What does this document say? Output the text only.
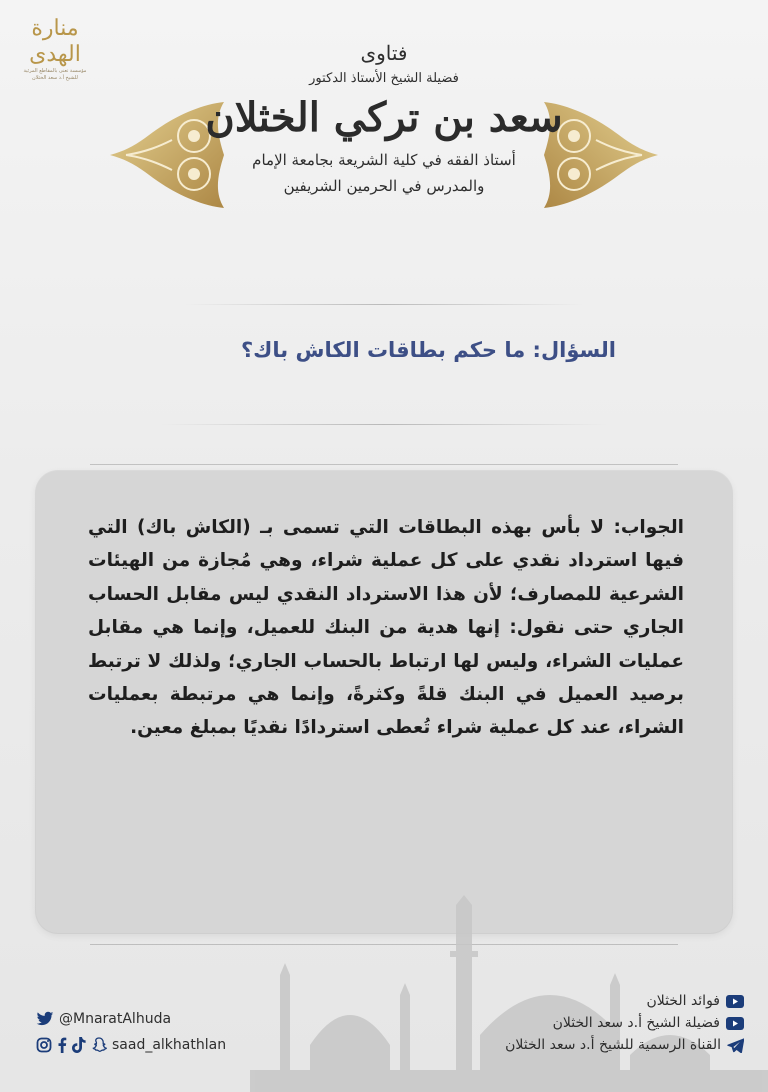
منارة الهدى
مؤسسة تعنى بالمقاطع المرئية للشيخ أ.د سعد الخثلان
فتاوى
فضيلة الشيخ الأستاذ الدكتور
سعد بن تركي الخثلان
أستاذ الفقه في كلية الشريعة بجامعة الإمام
والمدرس في الحرمين الشريفين
السؤال: ما حكم بطاقات الكاش باك؟
الجواب: لا بأس بهذه البطاقات التي تسمى بـ (الكاش باك) التي فيها استرداد نقدي على كل عملية شراء، وهي مُجازة من الهيئات الشرعية للمصارف؛ لأن هذا الاسترداد النقدي ليس مقابل الحساب الجاري حتى نقول: إنها هدية من البنك للعميل، وإنما هي مقابل عمليات الشراء، وليس لها ارتباط بالحساب الجاري؛ ولذلك لا ترتبط برصيد العميل في البنك قلةً وكثرةً، وإنما هي مرتبطة بعمليات الشراء، عند كل عملية شراء تُعطى استردادًا نقديًا بمبلغ معين.
@MnaratAlhuda
saad_alkhathlan
فوائد الخثلان
فضيلة الشيخ أ.د سعد الخثلان
القناة الرسمية للشيخ أ.د سعد الخثلان
